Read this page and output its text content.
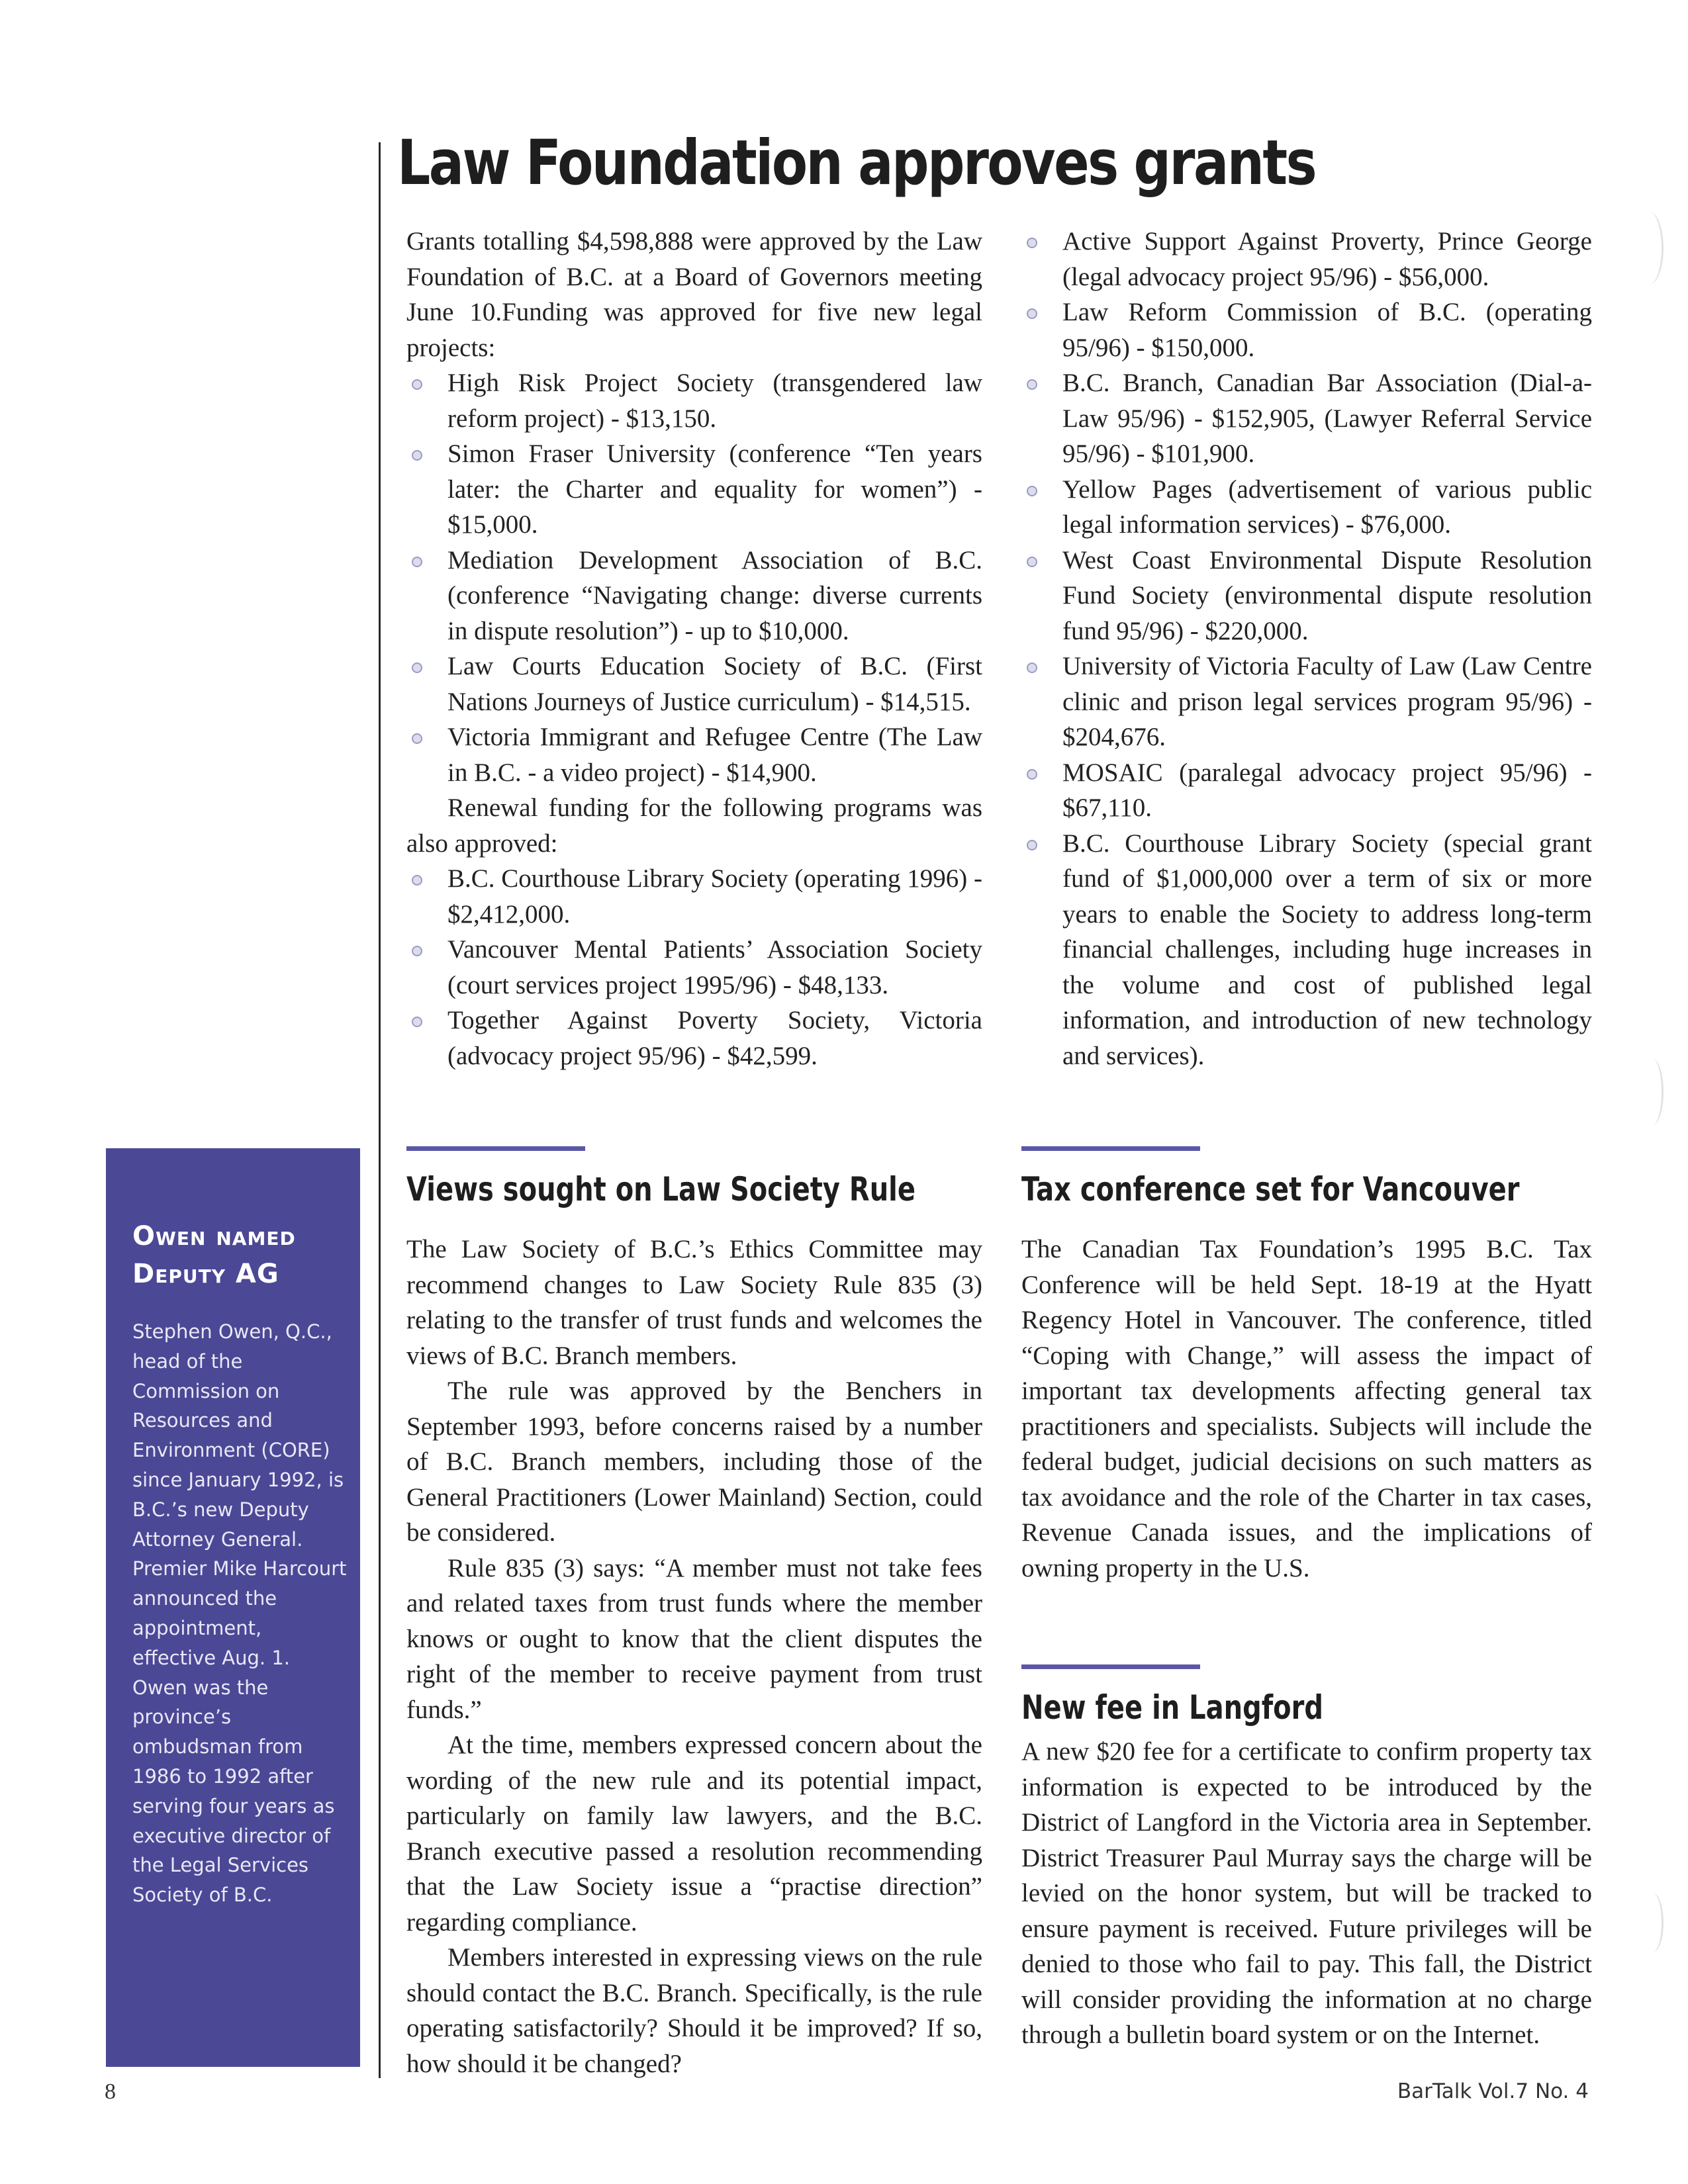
Law Foundation approves grants

Grants totalling $4,598,888 were approved by the Law Foundation of B.C. at a Board of Governors meeting June 10.Funding was approved for five new legal projects:

High Risk Project Society (transgendered law reform project) - $13,150.
Simon Fraser University (conference “Ten years later: the Charter and equality for women”) - $15,000.
Mediation Development Association of B.C. (conference “Navigating change: diverse currents in dispute resolution”) - up to $10,000.
Law Courts Education Society of B.C. (First Nations Journeys of Justice curriculum) - $14,515.
Victoria Immigrant and Refugee Centre (The Law in B.C. - a video project) - $14,900.

Renewal funding for the following programs was also approved:

B.C. Courthouse Library Society (operating 1996) - $2,412,000.
Vancouver Mental Patients’ Association Society (court services project 1995/96) - $48,133.
Together Against Poverty Society, Victoria (advocacy project 95/96) - $42,599.
Active Support Against Proverty, Prince George (legal advocacy project 95/96) - $56,000.
Law Reform Commission of B.C. (operating 95/96) - $150,000.
B.C. Branch, Canadian Bar Association (Dial-a-Law 95/96) - $152,905, (Lawyer Referral Service 95/96) - $101,900.
Yellow Pages (advertisement of various public legal information services) - $76,000.
West Coast Environmental Dispute Resolution Fund Society (environmental dispute resolution fund 95/96) - $220,000.
University of Victoria Faculty of Law (Law Centre clinic and prison legal services program 95/96) - $204,676.
MOSAIC (paralegal advocacy project 95/96) - $67,110.
B.C. Courthouse Library Society (special grant fund of $1,000,000 over a term of six or more years to enable the Society to address long-term financial challenges, including huge increases in the volume and cost of published legal information, and introduction of new technology and services).
Owen named
Deputy AG

Stephen Owen, Q.C., head of the Commission on Resources and Environment (CORE) since January 1992, is B.C.’s new Deputy Attorney General. Premier Mike Harcourt announced the appointment, effective Aug. 1. Owen was the province’s ombudsman from 1986 to 1992 after serving four years as executive director of the Legal Services Society of B.C.

Views sought on Law Society Rule

The Law Society of B.C.’s Ethics Committee may recommend changes to Law Society Rule 835 (3) relating to the transfer of trust funds and welcomes the views of B.C. Branch members.

The rule was approved by the Benchers in September 1993, before concerns raised by a number of B.C. Branch members, including those of the General Practitioners (Lower Mainland) Section, could be considered.

Rule 835 (3) says: “A member must not take fees and related taxes from trust funds where the member knows or ought to know that the client disputes the right of the member to receive payment from trust funds.”

At the time, members expressed concern about the wording of the new rule and its potential impact, particularly on family law lawyers, and the B.C. Branch executive passed a resolution recommending that the Law Society issue a “practise direction” regarding compliance.

Members interested in expressing views on the rule should contact the B.C. Branch. Specifically, is the rule operating satisfactorily? Should it be improved? If so, how should it be changed?

Tax conference set for Vancouver

The Canadian Tax Foundation’s 1995 B.C. Tax Conference will be held Sept. 18-19 at the Hyatt Regency Hotel in Vancouver. The conference, titled “Coping with Change,” will assess the impact of important tax developments affecting general tax practitioners and specialists. Subjects will include the federal budget, judicial decisions on such matters as tax avoidance and the role of the Charter in tax cases, Revenue Canada issues, and the implications of owning property in the U.S.

New fee in Langford

A new $20 fee for a certificate to confirm property tax information is expected to be introduced by the District of Langford in the Victoria area in September. District Treasurer Paul Murray says the charge will be levied on the honor system, but will be tracked to ensure payment is received. Future privileges will be denied to those who fail to pay. This fall, the District will consider providing the information at no charge through a bulletin board system or on the Internet.

8	BarTalk Vol.7 No. 4
